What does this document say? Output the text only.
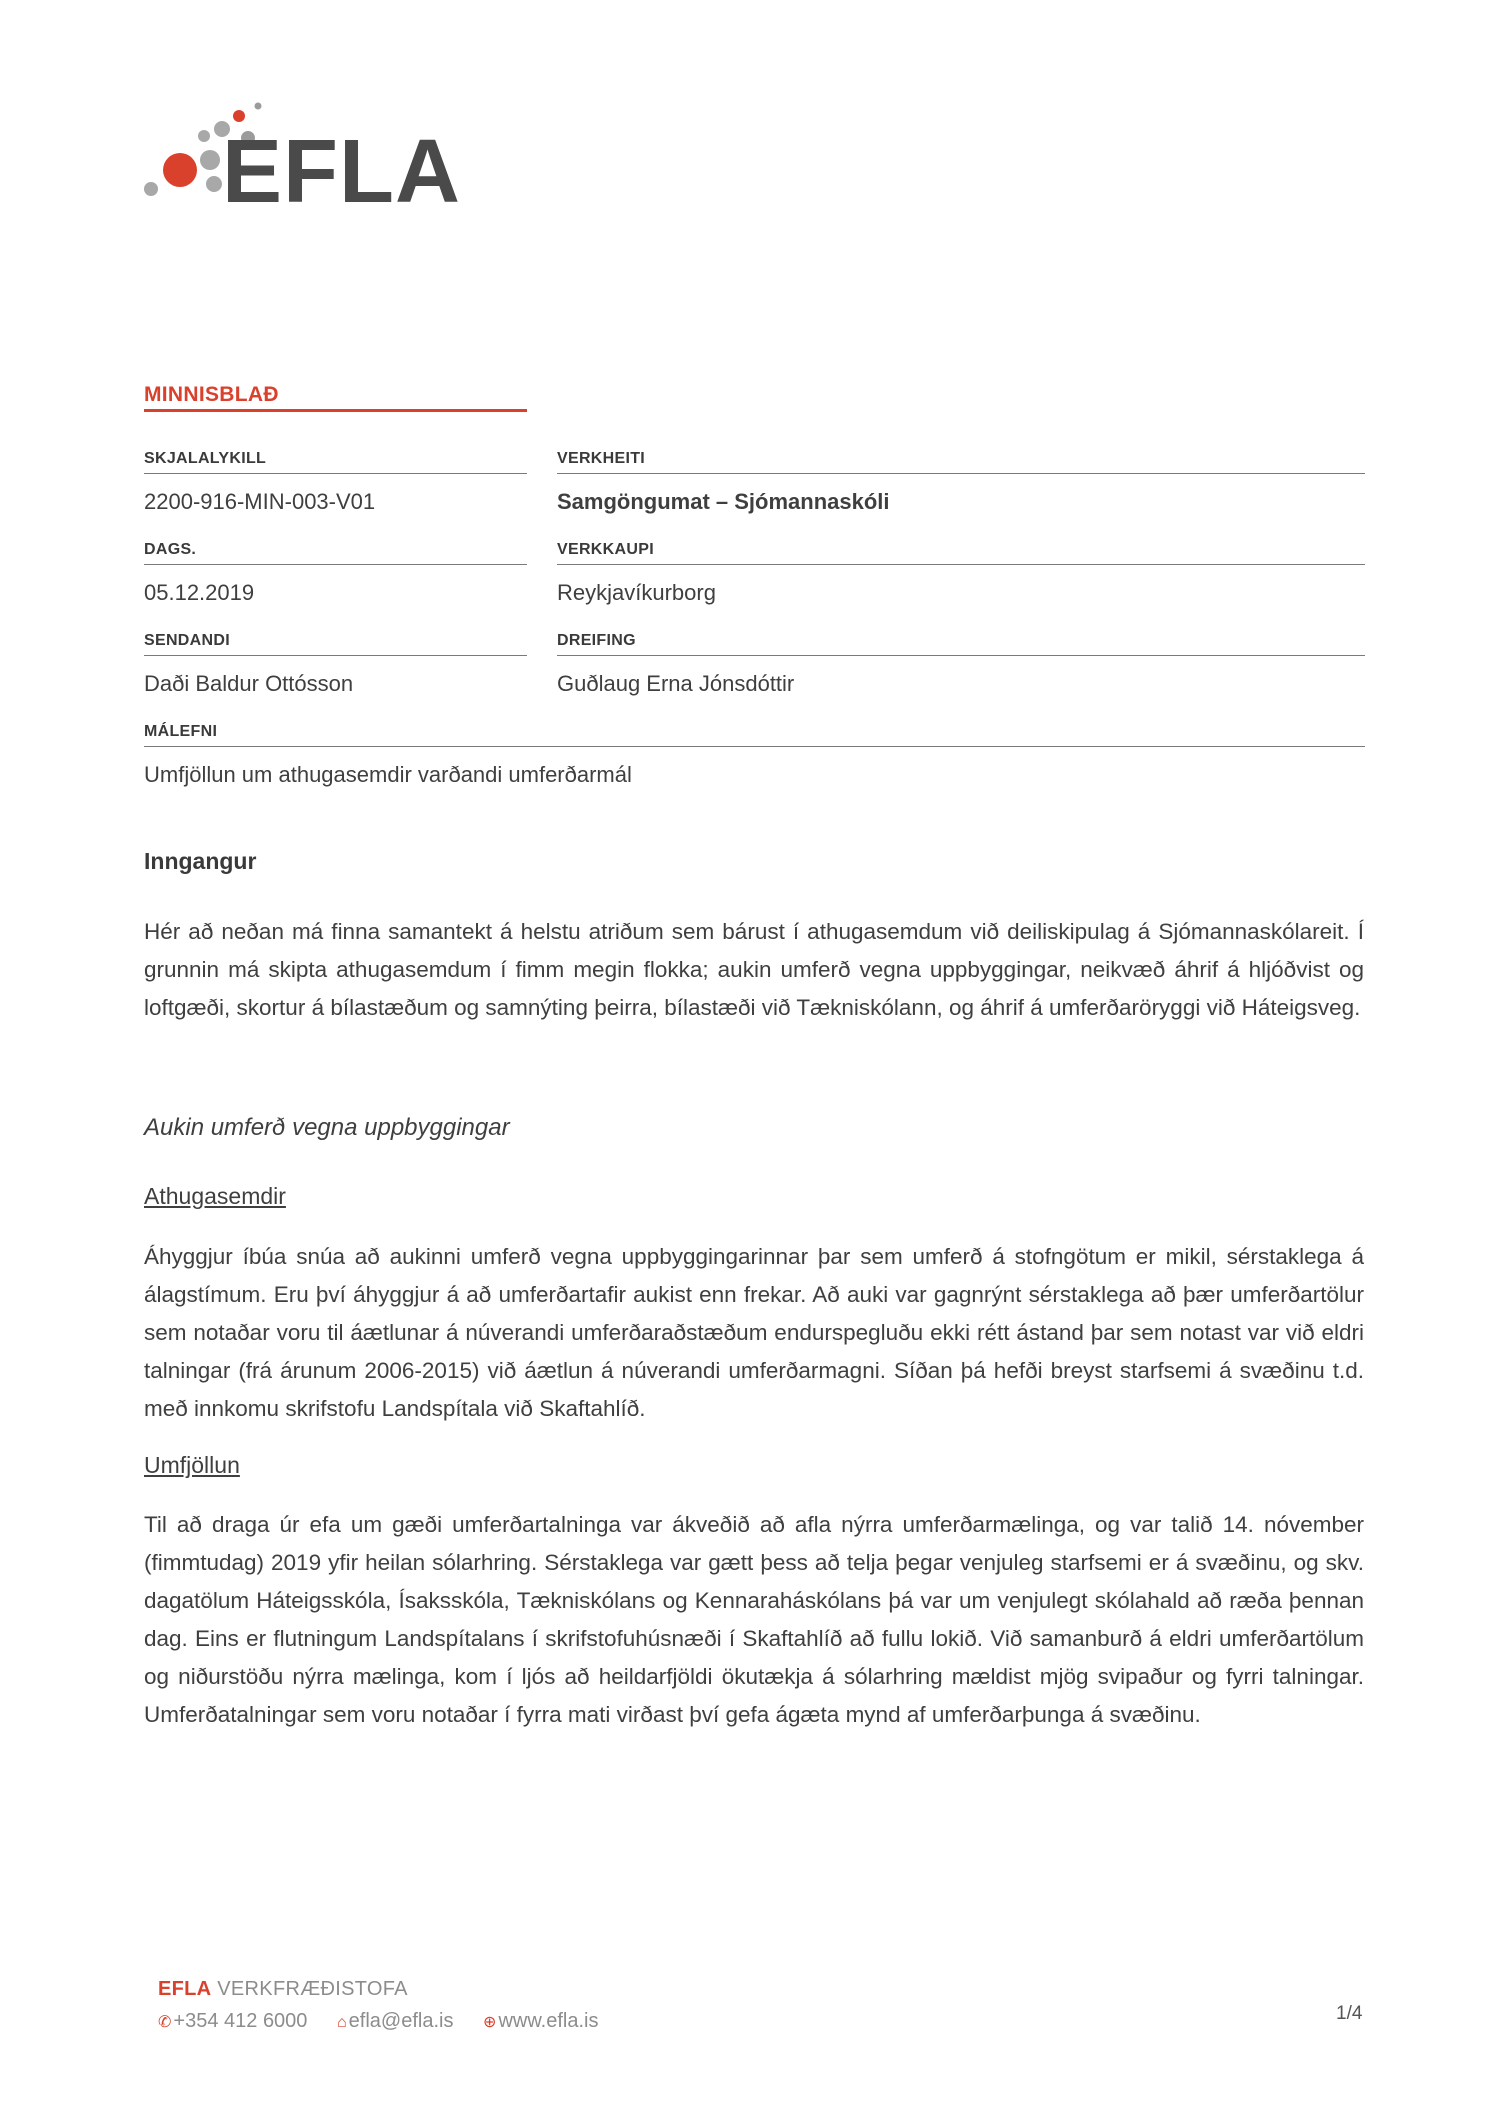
EFLA
MINNISBLAÐ
SKJALALYKILL
2200-916-MIN-003-V01
VERKHEITI
Samgöngumat – Sjómannaskóli
DAGS.
05.12.2019
VERKKAUPI
Reykjavíkurborg
SENDANDI
Daði Baldur Ottósson
DREIFING
Guðlaug Erna Jónsdóttir
MÁLEFNI
Umfjöllun um athugasemdir varðandi umferðarmál
Inngangur

Hér að neðan má finna samantekt á helstu atriðum sem bárust í athugasemdum við deiliskipulag á Sjómannaskólareit. Í grunnin má skipta athugasemdum í fimm megin flokka; aukin umferð vegna uppbyggingar, neikvæð áhrif á hljóðvist og loftgæði, skortur á bílastæðum og samnýting þeirra, bílastæði við Tækniskólann, og áhrif á umferðaröryggi við Háteigsveg.

Aukin umferð vegna uppbyggingar
Athugasemdir

Áhyggjur íbúa snúa að aukinni umferð vegna uppbyggingarinnar þar sem umferð á stofngötum er mikil, sérstaklega á álagstímum. Eru því áhyggjur á að umferðartafir aukist enn frekar. Að auki var gagnrýnt sérstaklega að þær umferðartölur sem notaðar voru til áætlunar á núverandi umferðaraðstæðum endurspegluðu ekki rétt ástand þar sem notast var við eldri talningar (frá árunum 2006-2015) við áætlun á núverandi umferðarmagni. Síðan þá hefði breyst starfsemi á svæðinu t.d. með innkomu skrifstofu Landspítala við Skaftahlíð.

Umfjöllun

Til að draga úr efa um gæði umferðartalninga var ákveðið að afla nýrra umferðarmælinga, og var talið 14. nóvember (fimmtudag) 2019 yfir heilan sólarhring. Sérstaklega var gætt þess að telja þegar venjuleg starfsemi er á svæðinu, og skv. dagatölum Háteigsskóla, Ísaksskóla, Tækniskólans og Kennaraháskólans þá var um venjulegt skólahald að ræða þennan dag. Eins er flutningum Landspítalans í skrifstofuhúsnæði í Skaftahlíð að fullu lokið. Við samanburð á eldri umferðartölum og niðurstöðu nýrra mælinga, kom í ljós að heildarfjöldi ökutækja á sólarhring mældist mjög svipaður og fyrri talningar. Umferðatalningar sem voru notaðar í fyrra mati virðast því gefa ágæta mynd af umferðarþunga á svæðinu.

EFLA VERKFRÆÐISTOFA
✆ +354 412 6000 ⌂ efla@efla.is ⊕ www.efla.is	1/4
